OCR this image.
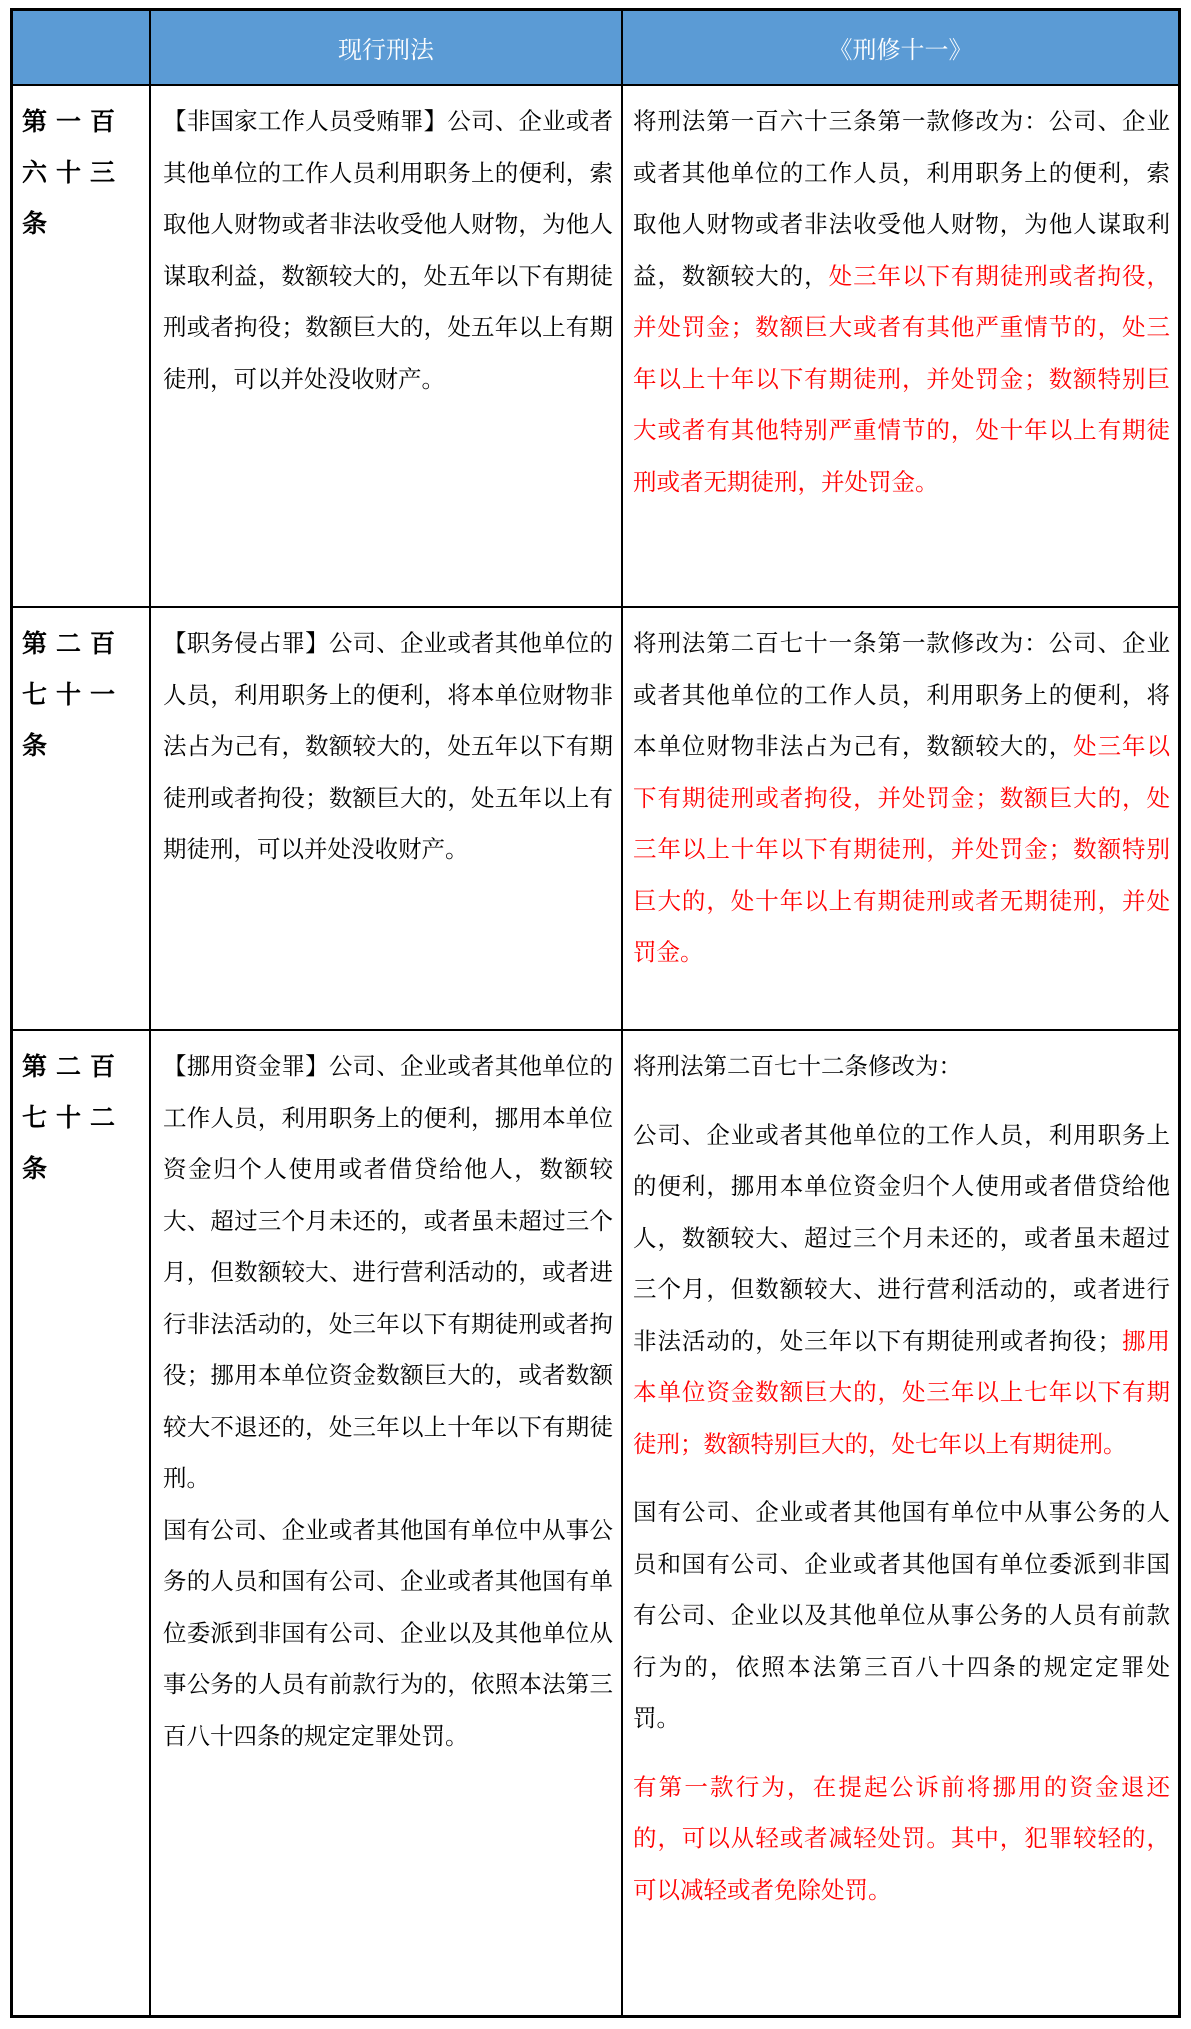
现行刑法	《刑修十一》
第一百六十三条
【非国家工作人员受贿罪】公司、企业或者其他单位的工作人员利用职务上的便利，索取他人财物或者非法收受他人财物，为他人谋取利益，数额较大的，处五年以下有期徒刑或者拘役；数额巨大的，处五年以上有期徒刑，可以并处没收财产。
将刑法第一百六十三条第一款修改为：公司、企业或者其他单位的工作人员，利用职务上的便利，索取他人财物或者非法收受他人财物，为他人谋取利益，数额较大的，处三年以下有期徒刑或者拘役，并处罚金；数额巨大或者有其他严重情节的，处三年以上十年以下有期徒刑，并处罚金；数额特别巨大或者有其他特别严重情节的，处十年以上有期徒刑或者无期徒刑，并处罚金。
第二百七十一条
【职务侵占罪】公司、企业或者其他单位的人员，利用职务上的便利，将本单位财物非法占为己有，数额较大的，处五年以下有期徒刑或者拘役；数额巨大的，处五年以上有期徒刑，可以并处没收财产。
将刑法第二百七十一条第一款修改为：公司、企业或者其他单位的工作人员，利用职务上的便利，将本单位财物非法占为己有，数额较大的，处三年以下有期徒刑或者拘役，并处罚金；数额巨大的，处三年以上十年以下有期徒刑，并处罚金；数额特别巨大的，处十年以上有期徒刑或者无期徒刑，并处罚金。
第二百七十二条

【挪用资金罪】公司、企业或者其他单位的工作人员，利用职务上的便利，挪用本单位资金归个人使用或者借贷给他人，数额较大、超过三个月未还的，或者虽未超过三个月，但数额较大、进行营利活动的，或者进行非法活动的，处三年以下有期徒刑或者拘役；挪用本单位资金数额巨大的，或者数额较大不退还的，处三年以上十年以下有期徒刑。

国有公司、企业或者其他国有单位中从事公务的人员和国有公司、企业或者其他国有单位委派到非国有公司、企业以及其他单位从事公务的人员有前款行为的，依照本法第三百八十四条的规定定罪处罚。

将刑法第二百七十二条修改为：

公司、企业或者其他单位的工作人员，利用职务上的便利，挪用本单位资金归个人使用或者借贷给他人，数额较大、超过三个月未还的，或者虽未超过三个月，但数额较大、进行营利活动的，或者进行非法活动的，处三年以下有期徒刑或者拘役；挪用本单位资金数额巨大的，处三年以上七年以下有期徒刑；数额特别巨大的，处七年以上有期徒刑。

国有公司、企业或者其他国有单位中从事公务的人员和国有公司、企业或者其他国有单位委派到非国有公司、企业以及其他单位从事公务的人员有前款行为的，依照本法第三百八十四条的规定定罪处罚。

有第一款行为，在提起公诉前将挪用的资金退还的，可以从轻或者减轻处罚。其中，犯罪较轻的，可以减轻或者免除处罚。
